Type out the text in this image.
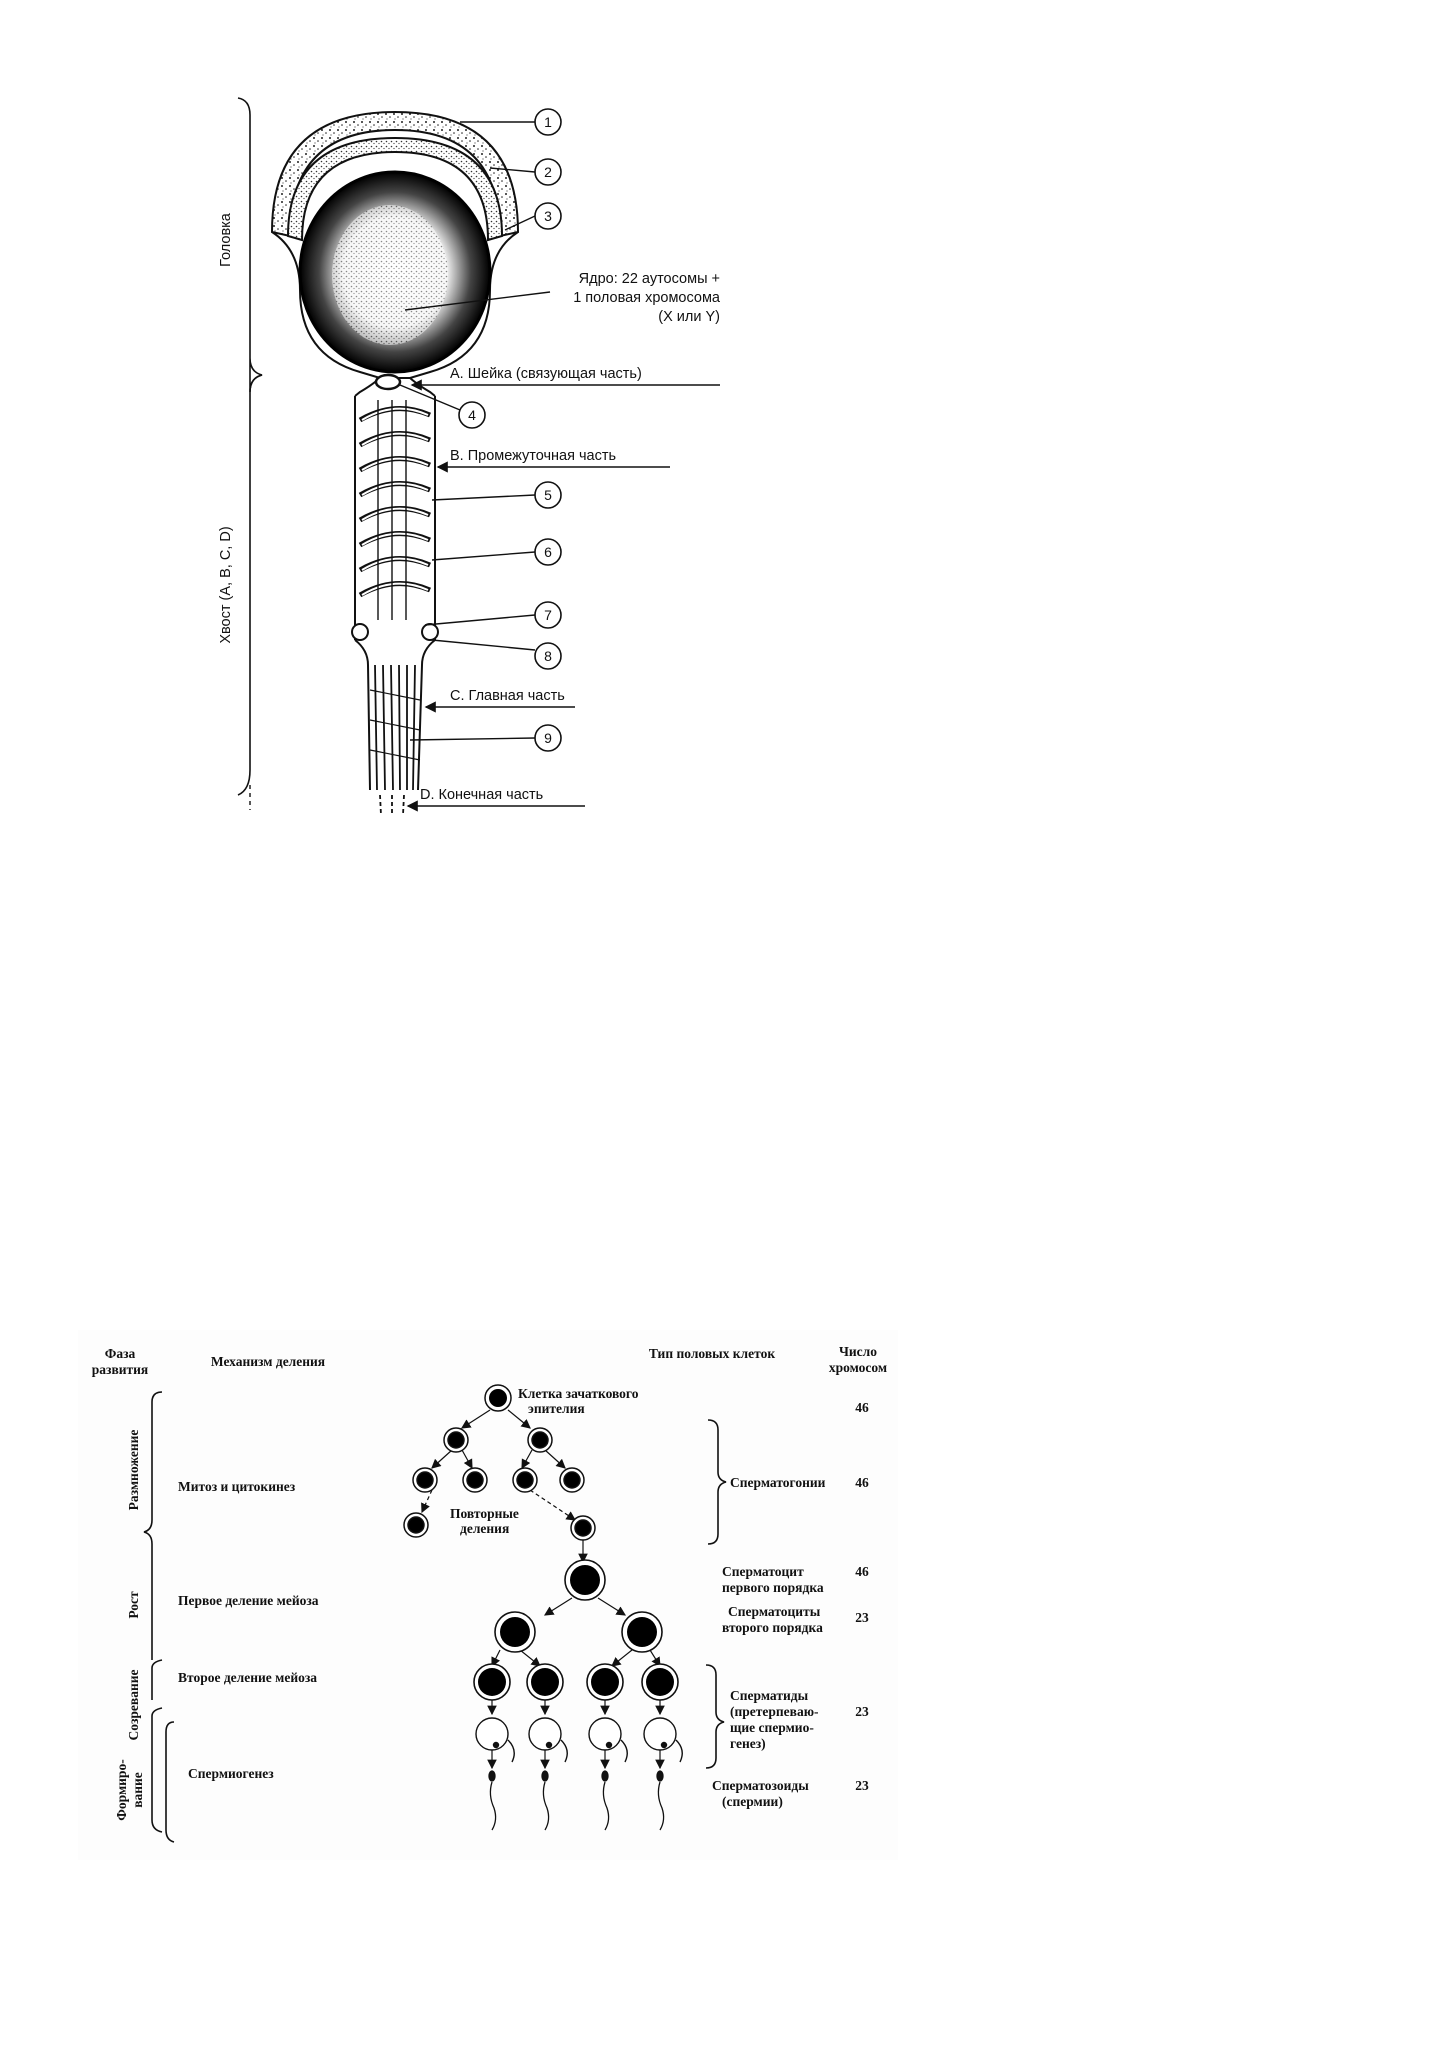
Головка
Хвост (A, B, C, D)
1
2
3
4
5
6
7
8
9
Ядро: 22 аутосомы +
1 половая хромосома
(X или Y)
А. Шейка (связующая часть)
B. Промежуточная часть
C. Главная часть
D. Конечная часть
Фаза
развития
Механизм деления
Тип половых клеток	Число
хромосом
Размножение
Рост
Созревание
Формиро- вание
Митоз и цитокинез
Первое деление мейоза
Второе деление мейоза
Спермиогенез
Клетка зачаткового
эпителия
Повторные
деления
Сперматогонии
Сперматоцит
первого порядка
Сперматоциты
второго порядка
Сперматиды
(претерпеваю-
щие спермио-
генез)
Сперматозоиды
(спермии)
46
46
46
23
23
23
